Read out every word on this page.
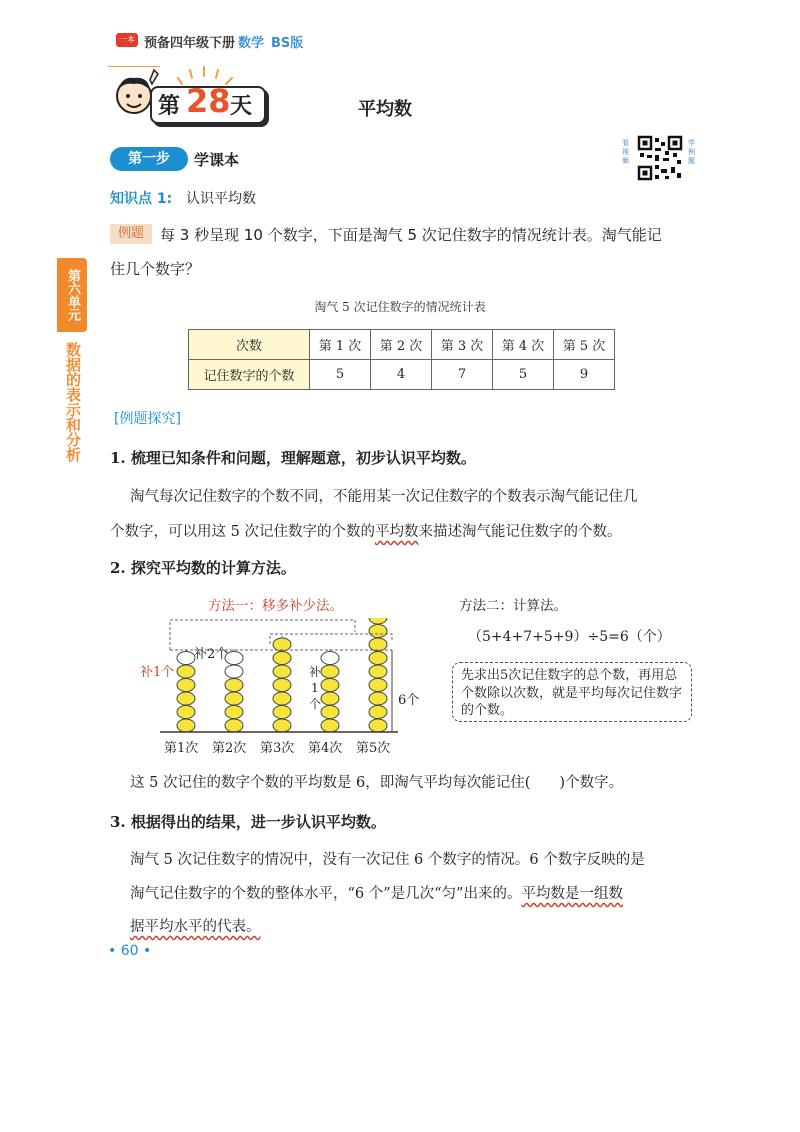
一本 预备四年级下册 数学 BS版
第 28 天	平均数
第一步	学课本
看视频
学例题
知识点 1: 认识平均数
例题	每 3 秒呈现 10 个数字，下面是淘气 5 次记住数字的情况统计表。淘气能记
住几个数字？
淘气 5 次记住数字的情况统计表
次数	第 1 次	第 2 次	第 3 次	第 4 次	第 5 次
记住数字的个数	5	4	7	5	9
第六单元
数据的表示和分析 [例题探究]
1. 梳理已知条件和问题，理解题意，初步认识平均数。
淘气每次记住数字的个数不同，不能用某一次记住数字的个数表示淘气能记住几
个数字，可以用这 5 次记住数字的个数的平均数来描述淘气能记住数字的个数。
2. 探究平均数的计算方法。
方法一：移多补少法。	方法二：计算法。
（5+4+7+5+9）÷5=6（个）
先求出5次记住数字的总个数，再用总个数除以次数，就是平均每次记住数字的个数。
补1个
补2个
补
1
个	6个
第1次 第2次 第3次 第4次 第5次
这 5 次记住的数字个数的平均数是 6，即淘气平均每次能记住(　　)个数字。
3. 根据得出的结果，进一步认识平均数。
淘气 5 次记住数字的情况中，没有一次记住 6 个数字的情况。6 个数字反映的是
淘气记住数字的个数的整体水平，“6 个”是几次“匀”出来的。平均数是一组数
据平均水平的代表。
• 60 •
